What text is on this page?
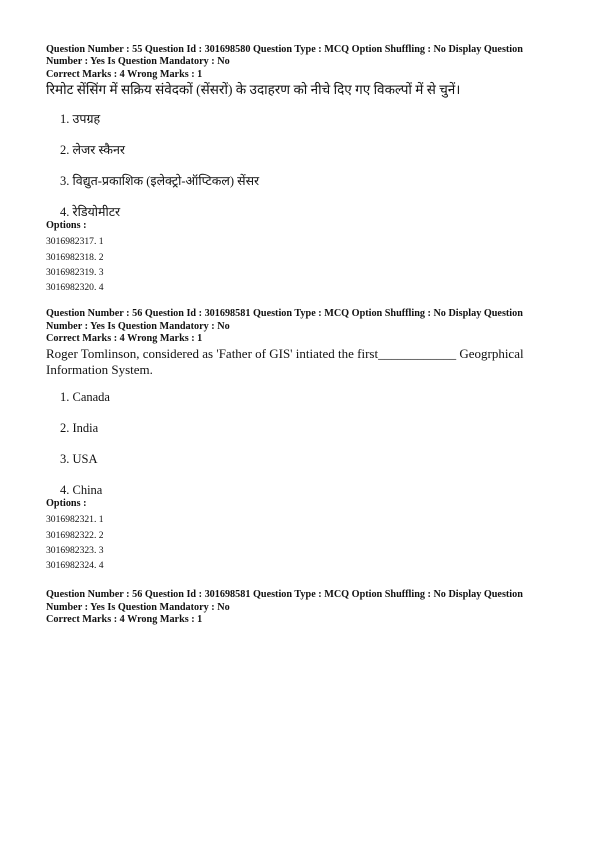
Question Number : 55 Question Id : 301698580 Question Type : MCQ Option Shuffling : No Display Question

Number : Yes Is Question Mandatory : No

Correct Marks : 4 Wrong Marks : 1

रिमोट सेंसिंग में सक्रिय संवेदकों (सेंसरों) के उदाहरण को नीचे दिए गए विकल्पों में से चुनें।

1. उपग्रह
2. लेजर स्कैनर
3. विद्युत-प्रकाशिक (इलेक्ट्रो-ऑप्टिकल) सेंसर
4. रेडियोमीटर

Options :

3016982317. 1
3016982318. 2
3016982319. 3
3016982320. 4

Question Number : 56 Question Id : 301698581 Question Type : MCQ Option Shuffling : No Display Question

Number : Yes Is Question Mandatory : No

Correct Marks : 4 Wrong Marks : 1

Roger Tomlinson, considered as 'Father of GIS' intiated the first____________ Geogrphical

Information System.

1. Canada
2. India
3. USA
4. China

Options :

3016982321. 1
3016982322. 2
3016982323. 3
3016982324. 4

Question Number : 56 Question Id : 301698581 Question Type : MCQ Option Shuffling : No Display Question

Number : Yes Is Question Mandatory : No

Correct Marks : 4 Wrong Marks : 1
